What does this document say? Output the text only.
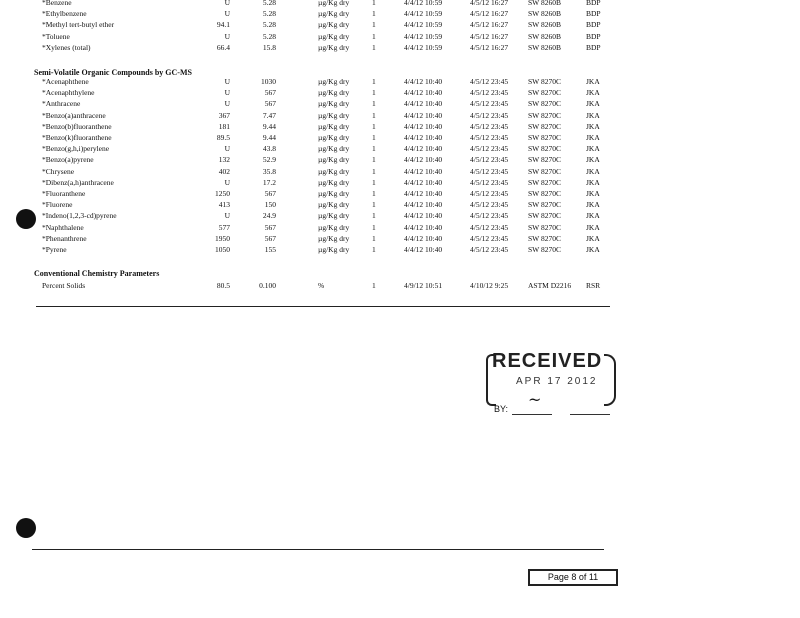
*Benzene	U	5.28	µg/Kg dry	1	4/4/12 10:59	4/5/12 16:27	SW 8260B	BDP
*Ethylbenzene	U	5.28	µg/Kg dry	1	4/4/12 10:59	4/5/12 16:27	SW 8260B	BDP
*Methyl tert-butyl ether	94.1	5.28	µg/Kg dry	1	4/4/12 10:59	4/5/12 16:27	SW 8260B	BDP
*Toluene	U	5.28	µg/Kg dry	1	4/4/12 10:59	4/5/12 16:27	SW 8260B	BDP
*Xylenes (total)	66.4	15.8	µg/Kg dry	1	4/4/12 10:59	4/5/12 16:27	SW 8260B	BDP
Semi-Volatile Organic Compounds by GC-MS
*Acenaphthene	U	1030	µg/Kg dry	1	4/4/12 10:40	4/5/12 23:45	SW 8270C	JKA
*Acenaphthylene	U	567	µg/Kg dry	1	4/4/12 10:40	4/5/12 23:45	SW 8270C	JKA
*Anthracene	U	567	µg/Kg dry	1	4/4/12 10:40	4/5/12 23:45	SW 8270C	JKA
*Benzo(a)anthracene	367	7.47	µg/Kg dry	1	4/4/12 10:40	4/5/12 23:45	SW 8270C	JKA
*Benzo(b)fluoranthene	181	9.44	µg/Kg dry	1	4/4/12 10:40	4/5/12 23:45	SW 8270C	JKA
*Benzo(k)fluoranthene	89.5	9.44	µg/Kg dry	1	4/4/12 10:40	4/5/12 23:45	SW 8270C	JKA
*Benzo(g,h,i)perylene	U	43.8	µg/Kg dry	1	4/4/12 10:40	4/5/12 23:45	SW 8270C	JKA
*Benzo(a)pyrene	132	52.9	µg/Kg dry	1	4/4/12 10:40	4/5/12 23:45	SW 8270C	JKA
*Chrysene	402	35.8	µg/Kg dry	1	4/4/12 10:40	4/5/12 23:45	SW 8270C	JKA
*Dibenz(a,h)anthracene	U	17.2	µg/Kg dry	1	4/4/12 10:40	4/5/12 23:45	SW 8270C	JKA
*Fluoranthene	1250	567	µg/Kg dry	1	4/4/12 10:40	4/5/12 23:45	SW 8270C	JKA
*Fluorene	413	150	µg/Kg dry	1	4/4/12 10:40	4/5/12 23:45	SW 8270C	JKA
*Indeno(1,2,3-cd)pyrene	U	24.9	µg/Kg dry	1	4/4/12 10:40	4/5/12 23:45	SW 8270C	JKA
*Naphthalene	577	567	µg/Kg dry	1	4/4/12 10:40	4/5/12 23:45	SW 8270C	JKA
*Phenanthrene	1950	567	µg/Kg dry	1	4/4/12 10:40	4/5/12 23:45	SW 8270C	JKA
*Pyrene	1050	155	µg/Kg dry	1	4/4/12 10:40	4/5/12 23:45	SW 8270C	JKA
Conventional Chemistry Parameters
Percent Solids	80.5	0.100	%	1	4/9/12 10:51	4/10/12 9:25	ASTM D2216 RSR
RECEIVED
APR 17 2012
BY: ~
Page 8 of 11
